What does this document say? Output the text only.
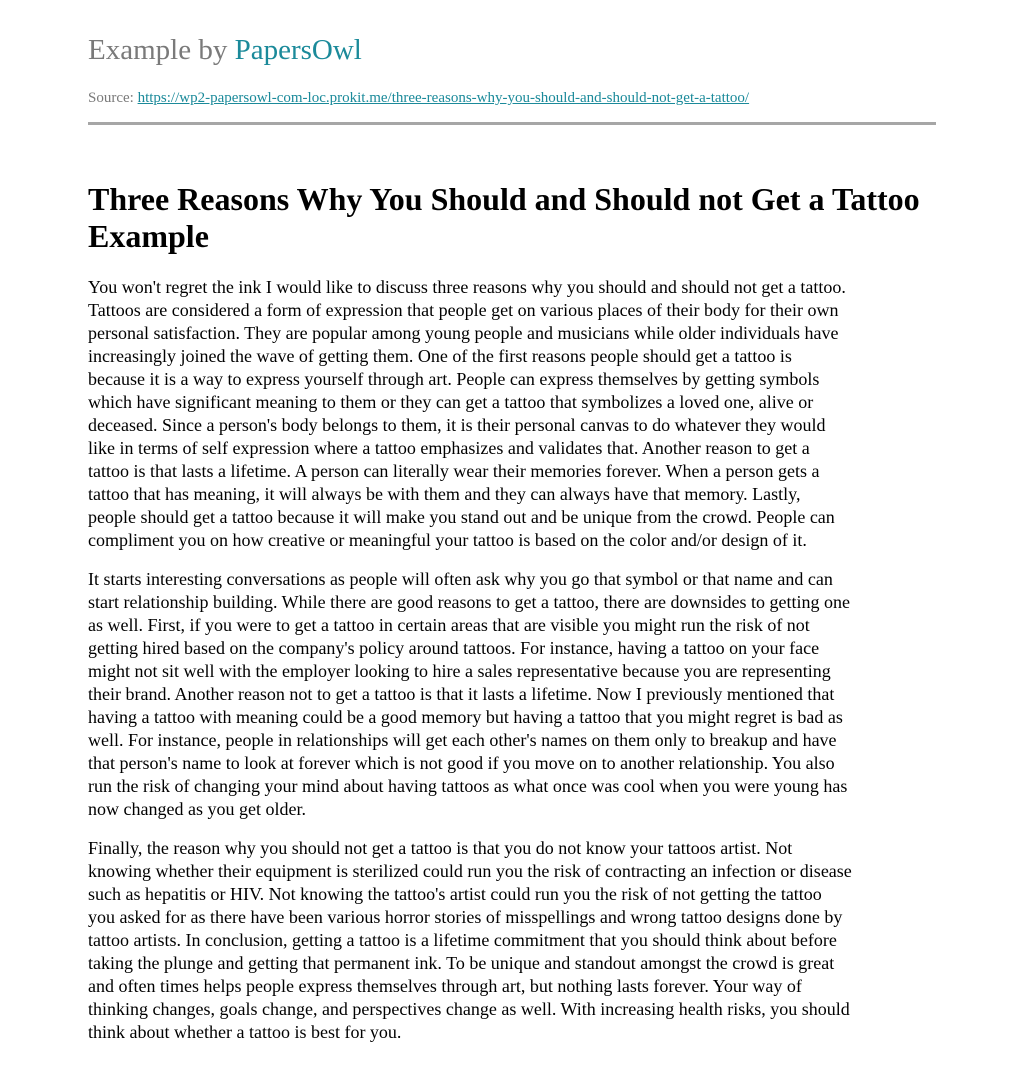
Example by PapersOwl
Source: https://wp2-papersowl-com-loc.prokit.me/three-reasons-why-you-should-and-should-not-get-a-tattoo/
Three Reasons Why You Should and Should not Get a Tattoo
Example

You won't regret the ink I would like to discuss three reasons why you should and should not get a tattoo.
Tattoos are considered a form of expression that people get on various places of their body for their own
personal satisfaction. They are popular among young people and musicians while older individuals have
increasingly joined the wave of getting them. One of the first reasons people should get a tattoo is
because it is a way to express yourself through art. People can express themselves by getting symbols
which have significant meaning to them or they can get a tattoo that symbolizes a loved one, alive or
deceased. Since a person's body belongs to them, it is their personal canvas to do whatever they would
like in terms of self expression where a tattoo emphasizes and validates that. Another reason to get a
tattoo is that lasts a lifetime. A person can literally wear their memories forever. When a person gets a
tattoo that has meaning, it will always be with them and they can always have that memory. Lastly,
people should get a tattoo because it will make you stand out and be unique from the crowd. People can
compliment you on how creative or meaningful your tattoo is based on the color and/or design of it.

It starts interesting conversations as people will often ask why you go that symbol or that name and can
start relationship building. While there are good reasons to get a tattoo, there are downsides to getting one
as well. First, if you were to get a tattoo in certain areas that are visible you might run the risk of not
getting hired based on the company's policy around tattoos. For instance, having a tattoo on your face
might not sit well with the employer looking to hire a sales representative because you are representing
their brand. Another reason not to get a tattoo is that it lasts a lifetime. Now I previously mentioned that
having a tattoo with meaning could be a good memory but having a tattoo that you might regret is bad as
well. For instance, people in relationships will get each other's names on them only to breakup and have
that person's name to look at forever which is not good if you move on to another relationship. You also
run the risk of changing your mind about having tattoos as what once was cool when you were young has
now changed as you get older.

Finally, the reason why you should not get a tattoo is that you do not know your tattoos artist. Not
knowing whether their equipment is sterilized could run you the risk of contracting an infection or disease
such as hepatitis or HIV. Not knowing the tattoo's artist could run you the risk of not getting the tattoo
you asked for as there have been various horror stories of misspellings and wrong tattoo designs done by
tattoo artists. In conclusion, getting a tattoo is a lifetime commitment that you should think about before
taking the plunge and getting that permanent ink. To be unique and standout amongst the crowd is great
and often times helps people express themselves through art, but nothing lasts forever. Your way of
thinking changes, goals change, and perspectives change as well. With increasing health risks, you should
think about whether a tattoo is best for you.
